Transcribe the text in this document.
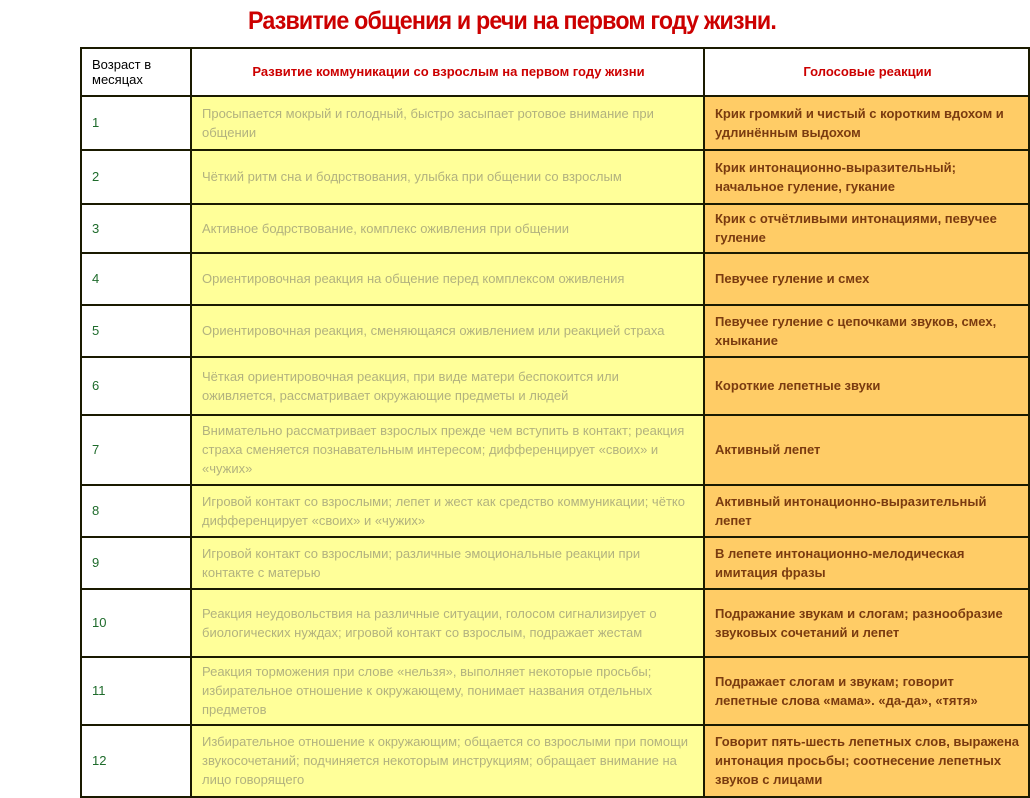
Развитие общения и речи на первом году жизни.
Возраст в месяцах	Развитие коммуникации со взрослым на первом году жизни	Голосовые реакции
1	Просыпается мокрый и голодный, быстро засыпает ротовое внимание при общении	Крик громкий и чистый с коротким вдохом и удлинённым выдохом
2	Чёткий ритм сна и бодрствования, улыбка при общении со взрослым	Крик интонационно-выразительный; начальное гуление, гукание
3	Активное бодрствование, комплекс оживления при общении	Крик с отчётливыми интонациями, певучее гуление
4	Ориентировочная реакция на общение перед комплексом оживления	Певучее гуление и смех
5	Ориентировочная реакция, сменяющаяся оживлением или реакцией страха	Певучее гуление с цепочками звуков, смех, хныкание
6	Чёткая ориентировочная реакция, при виде матери беспокоится или оживляется, рассматривает окружающие предметы и людей	Короткие лепетные звуки
7	Внимательно рассматривает взрослых прежде чем вступить в контакт; реакция страха сменяется познавательным интересом; дифференцирует «своих» и «чужих»	Активный лепет
8	Игровой контакт со взрослыми; лепет и жест как средство коммуникации; чётко дифференцирует «своих» и «чужих»	Активный интонационно-выразительный лепет
9	Игровой контакт со взрослыми; различные эмоциональные реакции при контакте с матерью	В лепете интонационно-мелодическая имитация фразы
10	Реакция неудовольствия на различные ситуации, голосом сигнализирует о биологических нуждах; игровой контакт со взрослым, подражает жестам	Подражание звукам и слогам; разнообразие звуковых сочетаний и лепет
11	Реакция торможения при слове «нельзя», выполняет некоторые просьбы; избирательное отношение к окружающему, понимает названия отдельных предметов	Подражает слогам и звукам; говорит лепетные слова «мама». «да-да», «тятя»
12	Избирательное отношение к окружающим; общается со взрослыми при помощи звукосочетаний; подчиняется некоторым инструкциям; обращает внимание на лицо говорящего	Говорит пять-шесть лепетных слов, выражена интонация просьбы; соотнесение лепетных звуков с лицами
